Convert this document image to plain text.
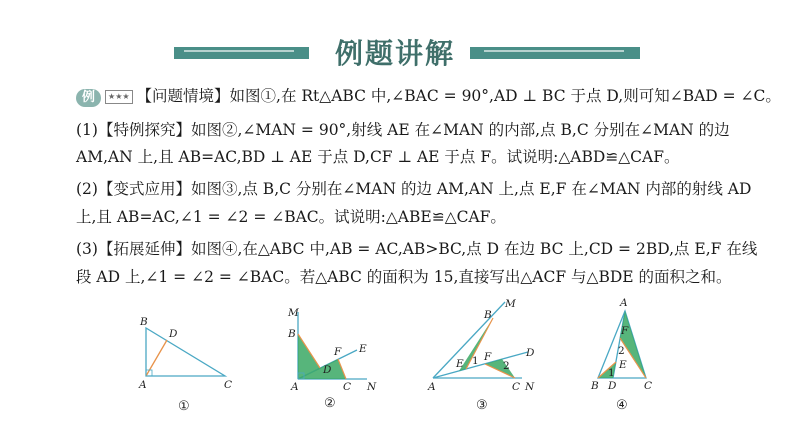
例题讲解
例 ★★★ 【问题情境】如图①,在 Rt△ABC 中,∠BAC = 90°,AD ⊥ BC 于点 D,则可知∠BAD = ∠C。
(1)【特例探究】如图②,∠MAN = 90°,射线 AE 在∠MAN 的内部,点 B,C 分别在∠MAN 的边
AM,AN 上,且 AB=AC,BD ⊥ AE 于点 D,CF ⊥ AE 于点 F。试说明:△ABD≌△CAF。
(2)【变式应用】如图③,点 B,C 分别在∠MAN 的边 AM,AN 上,点 E,F 在∠MAN 内部的射线 AD
上,且 AB=AC,∠1 = ∠2 = ∠BAC。试说明:△ABE≌△CAF。
(3)【拓展延伸】如图④,在△ABC 中,AB = AC,AB>BC,点 D 在边 BC 上,CD = 2BD,点 E,F 在线
段 AD 上,∠1 = ∠2 = ∠BAC。若△ABC 的面积为 15,直接写出△ACF 与△BDE 的面积之和。
B
D
A	C
①
M
B
F E
D
A	C N
②
M
B
D
E 1 F
2
A	C N
③
A
F
2
E
1
B D	C
④
